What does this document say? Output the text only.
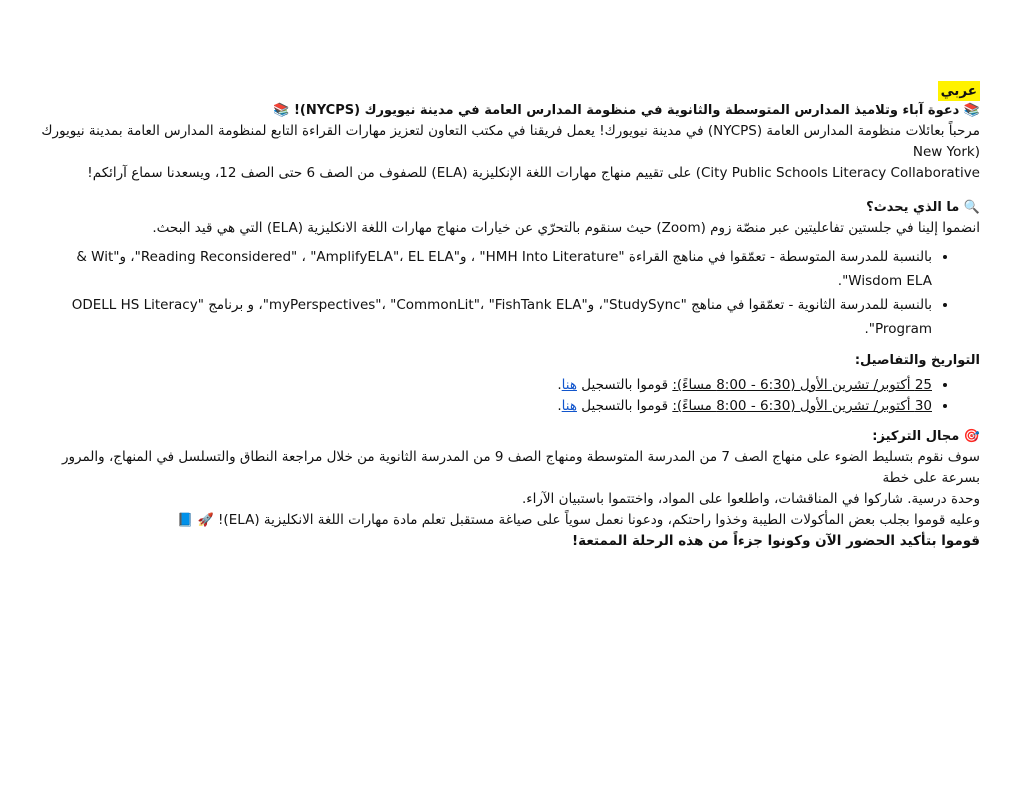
عربي

📚 دعوة آباء وتلاميذ المدارس المتوسطة والثانوية في منظومة المدارس العامة في مدينة نيويورك (NYCPS)! 📚

مرحباً بعائلات منظومة المدارس العامة (NYCPS) في مدينة نيويورك! يعمل فريقنا في مكتب التعاون لتعزيز مهارات القراءة التابع لمنظومة المدارس العامة بمدينة نيويورك (New York

City Public Schools Literacy Collaborative) على تقييم منهاج مهارات اللغة الإنكليزية (ELA) للصفوف من الصف 6 حتى الصف 12، ويسعدنا سماع آرائكم!

🔍 ما الذي يحدث؟

انضموا إلينا في جلستين تفاعليتين عبر منصّة زوم (Zoom) حيث سنقوم بالتحرّي عن خيارات منهاج مهارات اللغة الانكليزية (ELA) التي هي قيد البحث.

• بالنسبة للمدرسة المتوسطة - تعمّقوا في مناهج القراءة "HMH Into Literature" ، و"Reading Reconsidered" ، "AmplifyELA"، EL ELA"، و"Wit &
Wisdom ELA".
• بالنسبة للمدرسة الثانوية - تعمّقوا في مناهج "StudySync"، و"myPerspectives"، "CommonLit"، "FishTank ELA"، و برنامج "ODELL HS Literacy
Program".

التواريخ والتفاصيل:

• 25 أكتوبر/ تشرين الأول (6:30 - 8:00 مساءً): قوموا بالتسجيل هنا.
• 30 أكتوبر/ تشرين الأول (6:30 - 8:00 مساءً): قوموا بالتسجيل هنا.

🎯 مجال التركيز:

سوف نقوم بتسليط الضوء على منهاج الصف 7 من المدرسة المتوسطة ومنهاج الصف 9 من المدرسة الثانوية من خلال مراجعة النطاق والتسلسل في المنهاج، والمرور بسرعة على خطة

وحدة درسية. شاركوا في المناقشات، واطلعوا على المواد، واختتموا باستبيان الآراء.

وعليه قوموا بجلب بعض المأكولات الطيبة وخذوا راحتكم، ودعونا نعمل سوياً على صياغة مستقبل تعلم مادة مهارات اللغة الانكليزية (ELA)! 🚀 📘

قوموا بتأكيد الحضور الآن وكونوا جزءاً من هذه الرحلة الممتعة!
